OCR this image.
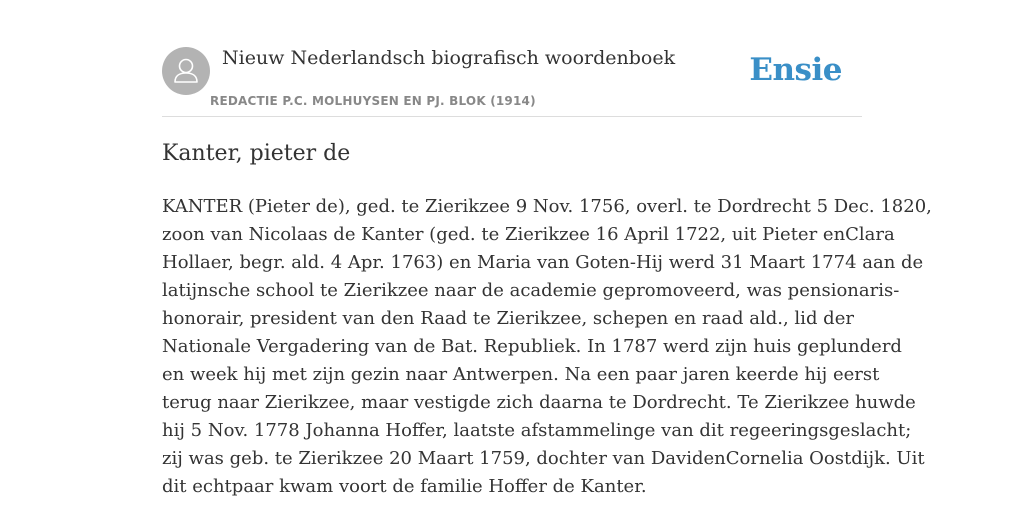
Nieuw Nederlandsch biografisch woordenboek
REDACTIE P.C. MOLHUYSEN EN PJ. BLOK (1914)
Ensie
Kanter, pieter de

KANTER (Pieter de), ged. te Zierikzee 9 Nov. 1756, overl. te Dordrecht 5 Dec. 1820,
zoon van Nicolaas de Kanter (ged. te Zierikzee 16 April 1722, uit Pieter enClara
Hollaer, begr. ald. 4 Apr. 1763) en Maria van Goten-Hij werd 31 Maart 1774 aan de
latijnsche school te Zierikzee naar de academie gepromoveerd, was pensionaris-
honorair, president van den Raad te Zierikzee, schepen en raad ald., lid der
Nationale Vergadering van de Bat. Republiek. In 1787 werd zijn huis geplunderd
en week hij met zijn gezin naar Antwerpen. Na een paar jaren keerde hij eerst
terug naar Zierikzee, maar vestigde zich daarna te Dordrecht. Te Zierikzee huwde
hij 5 Nov. 1778 Johanna Hoffer, laatste afstammelinge van dit regeeringsgeslacht;
zij was geb. te Zierikzee 20 Maart 1759, dochter van DavidenCornelia Oostdijk. Uit
dit echtpaar kwam voort de familie Hoffer de Kanter.
